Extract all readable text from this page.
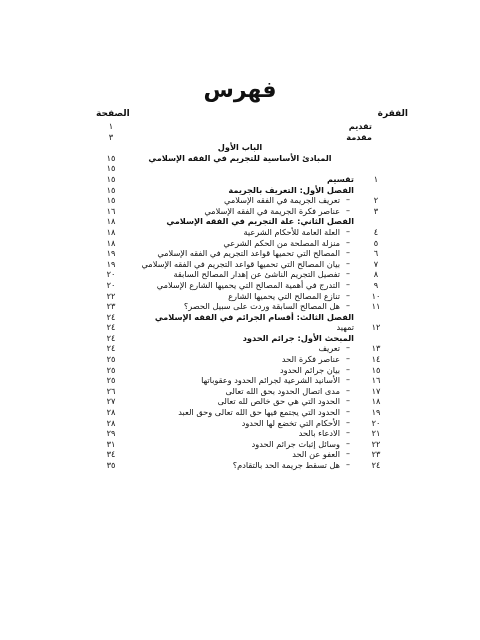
فهرس
الفقرة
الصفحة
تقديم
١
مقدمة
٣
الباب الأول
المبادئ الأساسية للتجريم في الفقه الإسلامي
١٥
١٥
١
تقسيم
١٥
الفصل الأول: التعريف بالجريمة
١٥
٢
–
تعريف الجريمة في الفقه الإسلامي
١٥
٣
–
عناصر فكرة الجريمة في الفقه الإسلامي
١٦
الفصل الثاني: علة التجريم في الفقه الإسلامي
١٨
٤
–
العلة العامة للأحكام الشرعية
١٨
٥
–
منزلة المصلحة من الحكم الشرعي
١٨
٦
–
المصالح التي تحميها قواعد التجريم في الفقه الإسلامي
١٩
٧
–
بيان المصالح التي تحميها قواعد التجريم في الفقه الإسلامي
١٩
٨
–
تفصيل التجريم الناشئ عن إهدار المصالح السابقة
٢٠
٩
–
التدرج في أهمية المصالح التي يحميها الشارع الإسلامي
٢٠
١٠
–
تنازع المصالح التي يحميها الشارع
٢٢
١١
–
هل المصالح السابقة وردت على سبيل الحصر؟
٢٣
الفصل الثالث: أقسام الجرائم في الفقه الإسلامي
٢٤
١٢
تمهيد
٢٤
المبحث الأول: جرائم الحدود
٢٤
١٣
–
تعريف
٢٤
١٤
–
عناصر فكرة الحد
٢٥
١٥
–
بيان جرائم الحدود
٢٥
١٦
–
الأسانيد الشرعية لجرائم الحدود وعقوباتها
٢٥
١٧
–
مدى اتصال الحدود بحق الله تعالى
٢٦
١٨
–
الحدود التي هي حق خالص لله تعالى
٢٧
١٩
–
الحدود التي يجتمع فيها حق الله تعالى وحق العبد
٢٨
٢٠
–
الأحكام التي تخضع لها الحدود
٢٨
٢١
–
الادعاء بالحد
٢٩
٢٢
–
وسائل إثبات جرائم الحدود
٣١
٢٣
–
العفو عن الحد
٣٤
٢٤
–
هل تسقط جريمة الحد بالتقادم؟
٣٥
